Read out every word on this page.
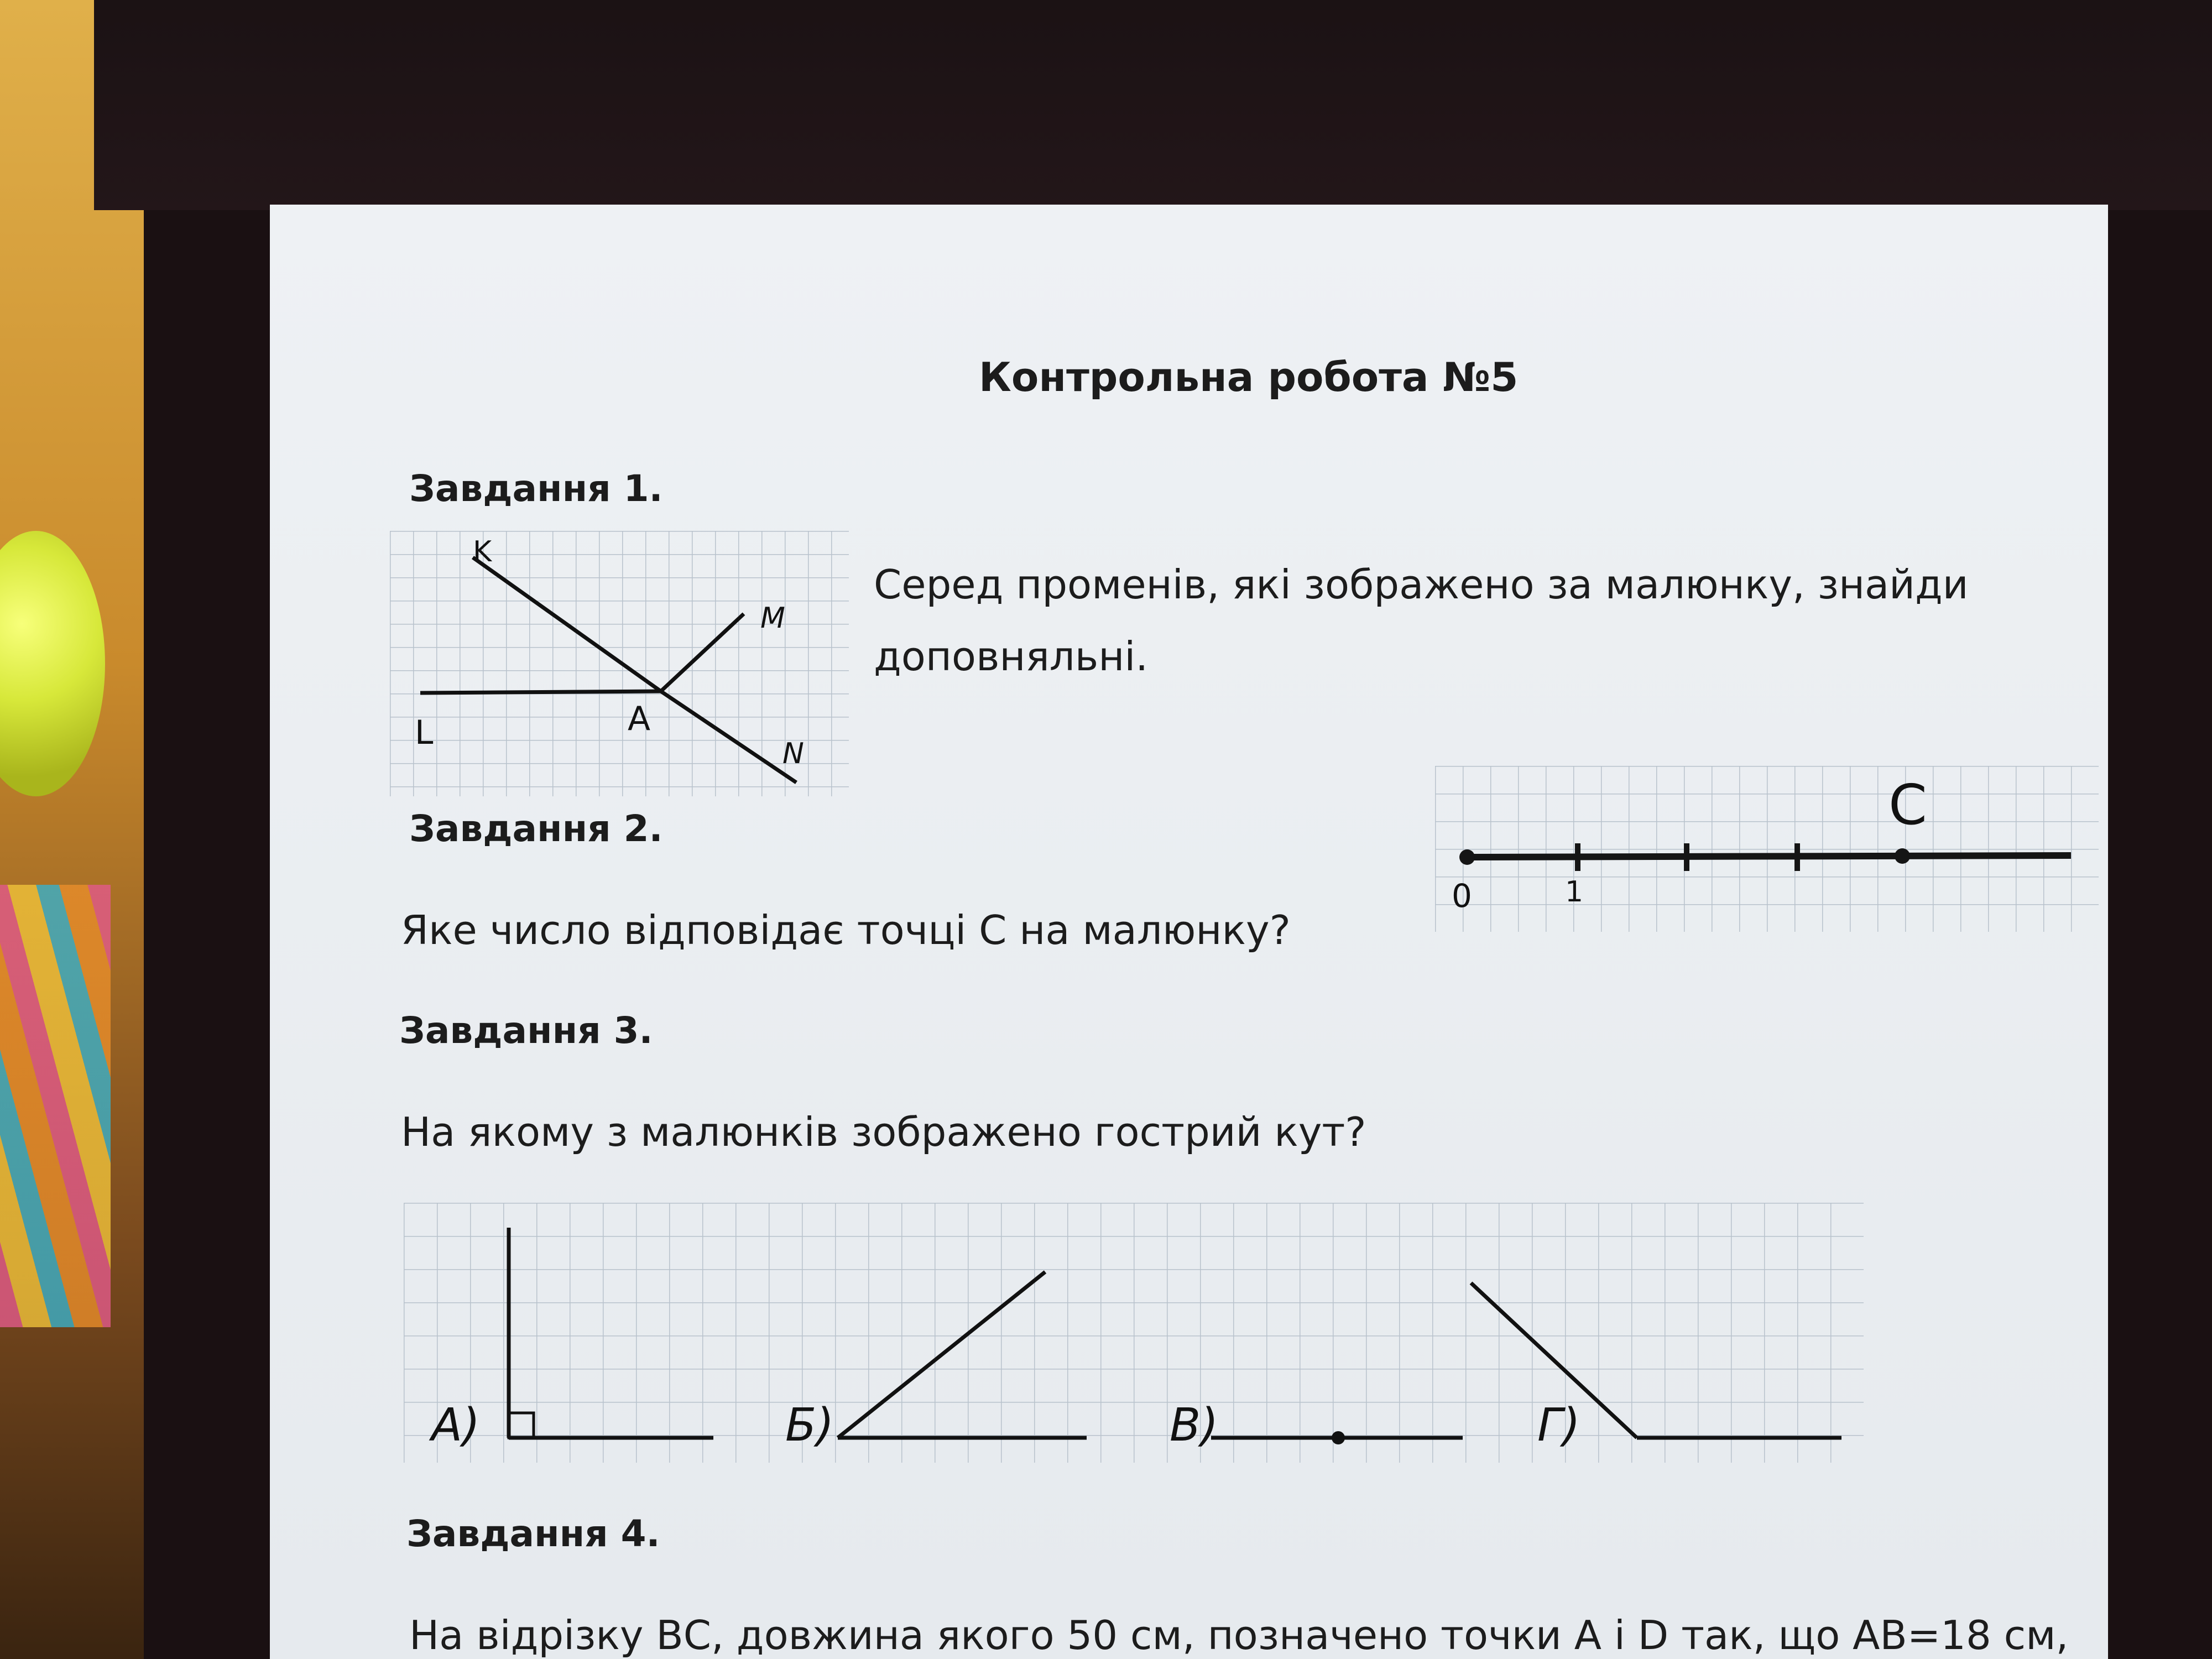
Контрольна робота №5
Завдання 1.
K
M
L	A
N
Серед променів, які зображено за малюнку, знайди
доповняльні.
Завдання 2.
Яке число відповідає точці С на малюнку?
0	1
C
Завдання 3.
На якому з малюнків зображено гострий кут?
А)	Б)	В)	Г)
Завдання 4.
На відрізку ВС, довжина якого 50 см, позначено точки А і D так, що АВ=18 см,
